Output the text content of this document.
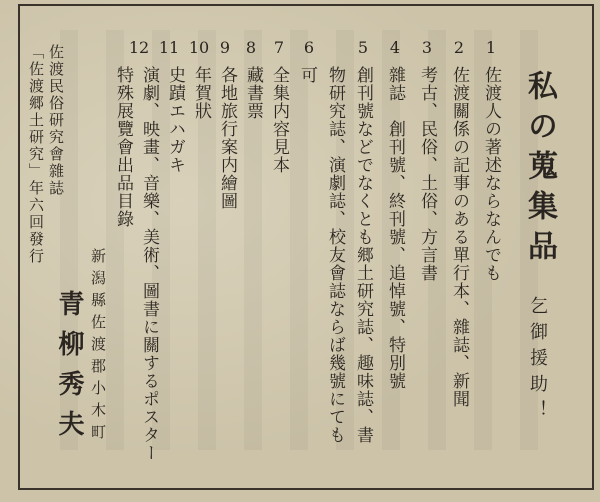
私の蒐集品
乞御援助！
1
佐渡人の著述ならなんでも
2
佐渡關係の記事のある單行本、雜誌、新聞
3
考古、民俗、土俗、方言書
4
雜誌　創刊號、終刊號、追悼號、特別號
5
創刊號などでなくとも郷土研究誌、趣味誌、書
物研究誌、演劇誌、校友會誌ならば幾號にても
可
6
全集内容見本
7
藏書票
8
各地旅行案内繪圖
9
年賀狀
10
史蹟エハガキ
11
演劇、映畫、音樂、美術、圖書に關するポスター
12
特殊展覽會出品目錄
新潟縣佐渡郡小木町
青柳秀夫
佐渡民俗研究會雜誌
「佐渡郷土研究」年六回發行
